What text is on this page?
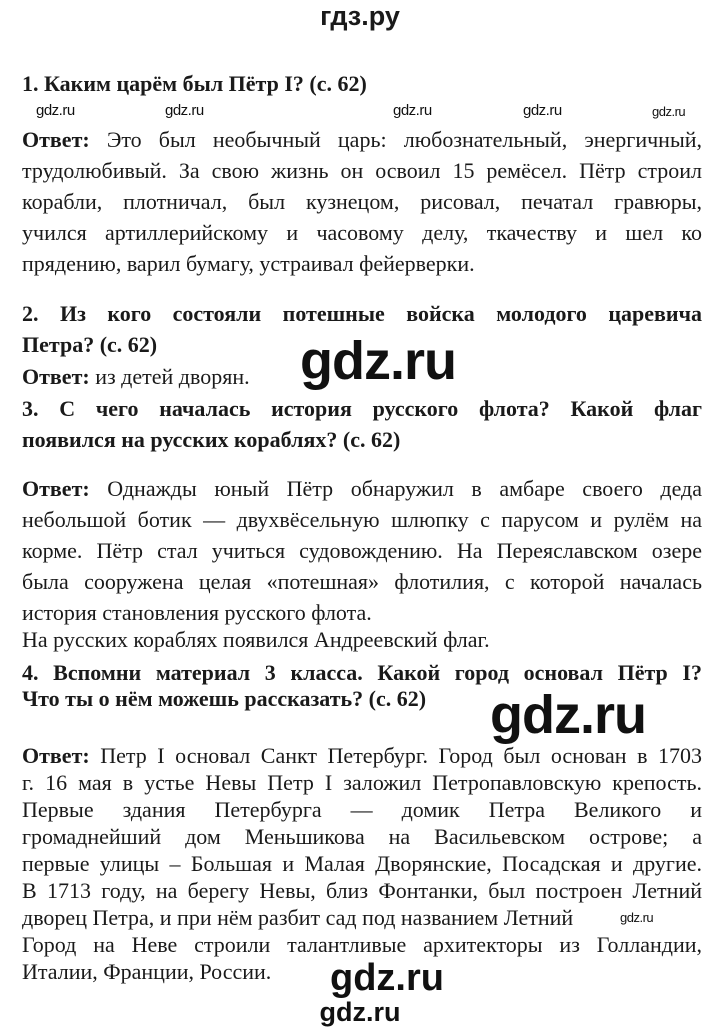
гдз.ру
1. Каким царём был Пётр I? (с. 62)
gdz.ru	gdz.ru	gdz.ru	gdz.ru	gdz.ru
Ответ: Это был необычный царь: любознательный, энергичный,
трудолюбивый. За свою жизнь он освоил 15 ремёсел. Пётр строил
корабли, плотничал, был кузнецом, рисовал, печатал гравюры,
учился артиллерийскому и часовому делу, ткачеству и шел ко
прядению, варил бумагу, устраивал фейерверки.
2. Из кого состояли потешные войска молодого царевича
Петра? (с. 62)
Ответ: из детей дворян. gdz.ru
3. С чего началась история русского флота? Какой флаг
появился на русских кораблях? (с. 62)
Ответ: Однажды юный Пётр обнаружил в амбаре своего деда
небольшой ботик — двухвёсельную шлюпку с парусом и рулём на
корме. Пётр стал учиться судовождению. На Переяславском озере
была сооружена целая «потешная» флотилия, с которой началась
история становления русского флота.
На русских кораблях появился Андреевский флаг.
4. Вспомни материал 3 класса. Какой город основал Пётр I?
Что ты о нём можешь рассказать? (с. 62) gdz.ru
Ответ: Петр I основал Санкт Петербург. Город был основан в 1703
г. 16 мая в устье Невы Петр I заложил Петропавловскую крепость.
Первые здания Петербурга — домик Петра Великого и
громаднейший дом Меньшикова на Васильевском острове; а
первые улицы – Большая и Малая Дворянские, Посадская и другие.
В 1713 году, на берегу Невы, близ Фонтанки, был построен Летний
дворец Петра, и при нём разбит сад под названием Летний	gdz.ru
Город на Неве строили талантливые архитекторы из Голландии,
Италии, Франции, России. gdz.ru
gdz.ru
